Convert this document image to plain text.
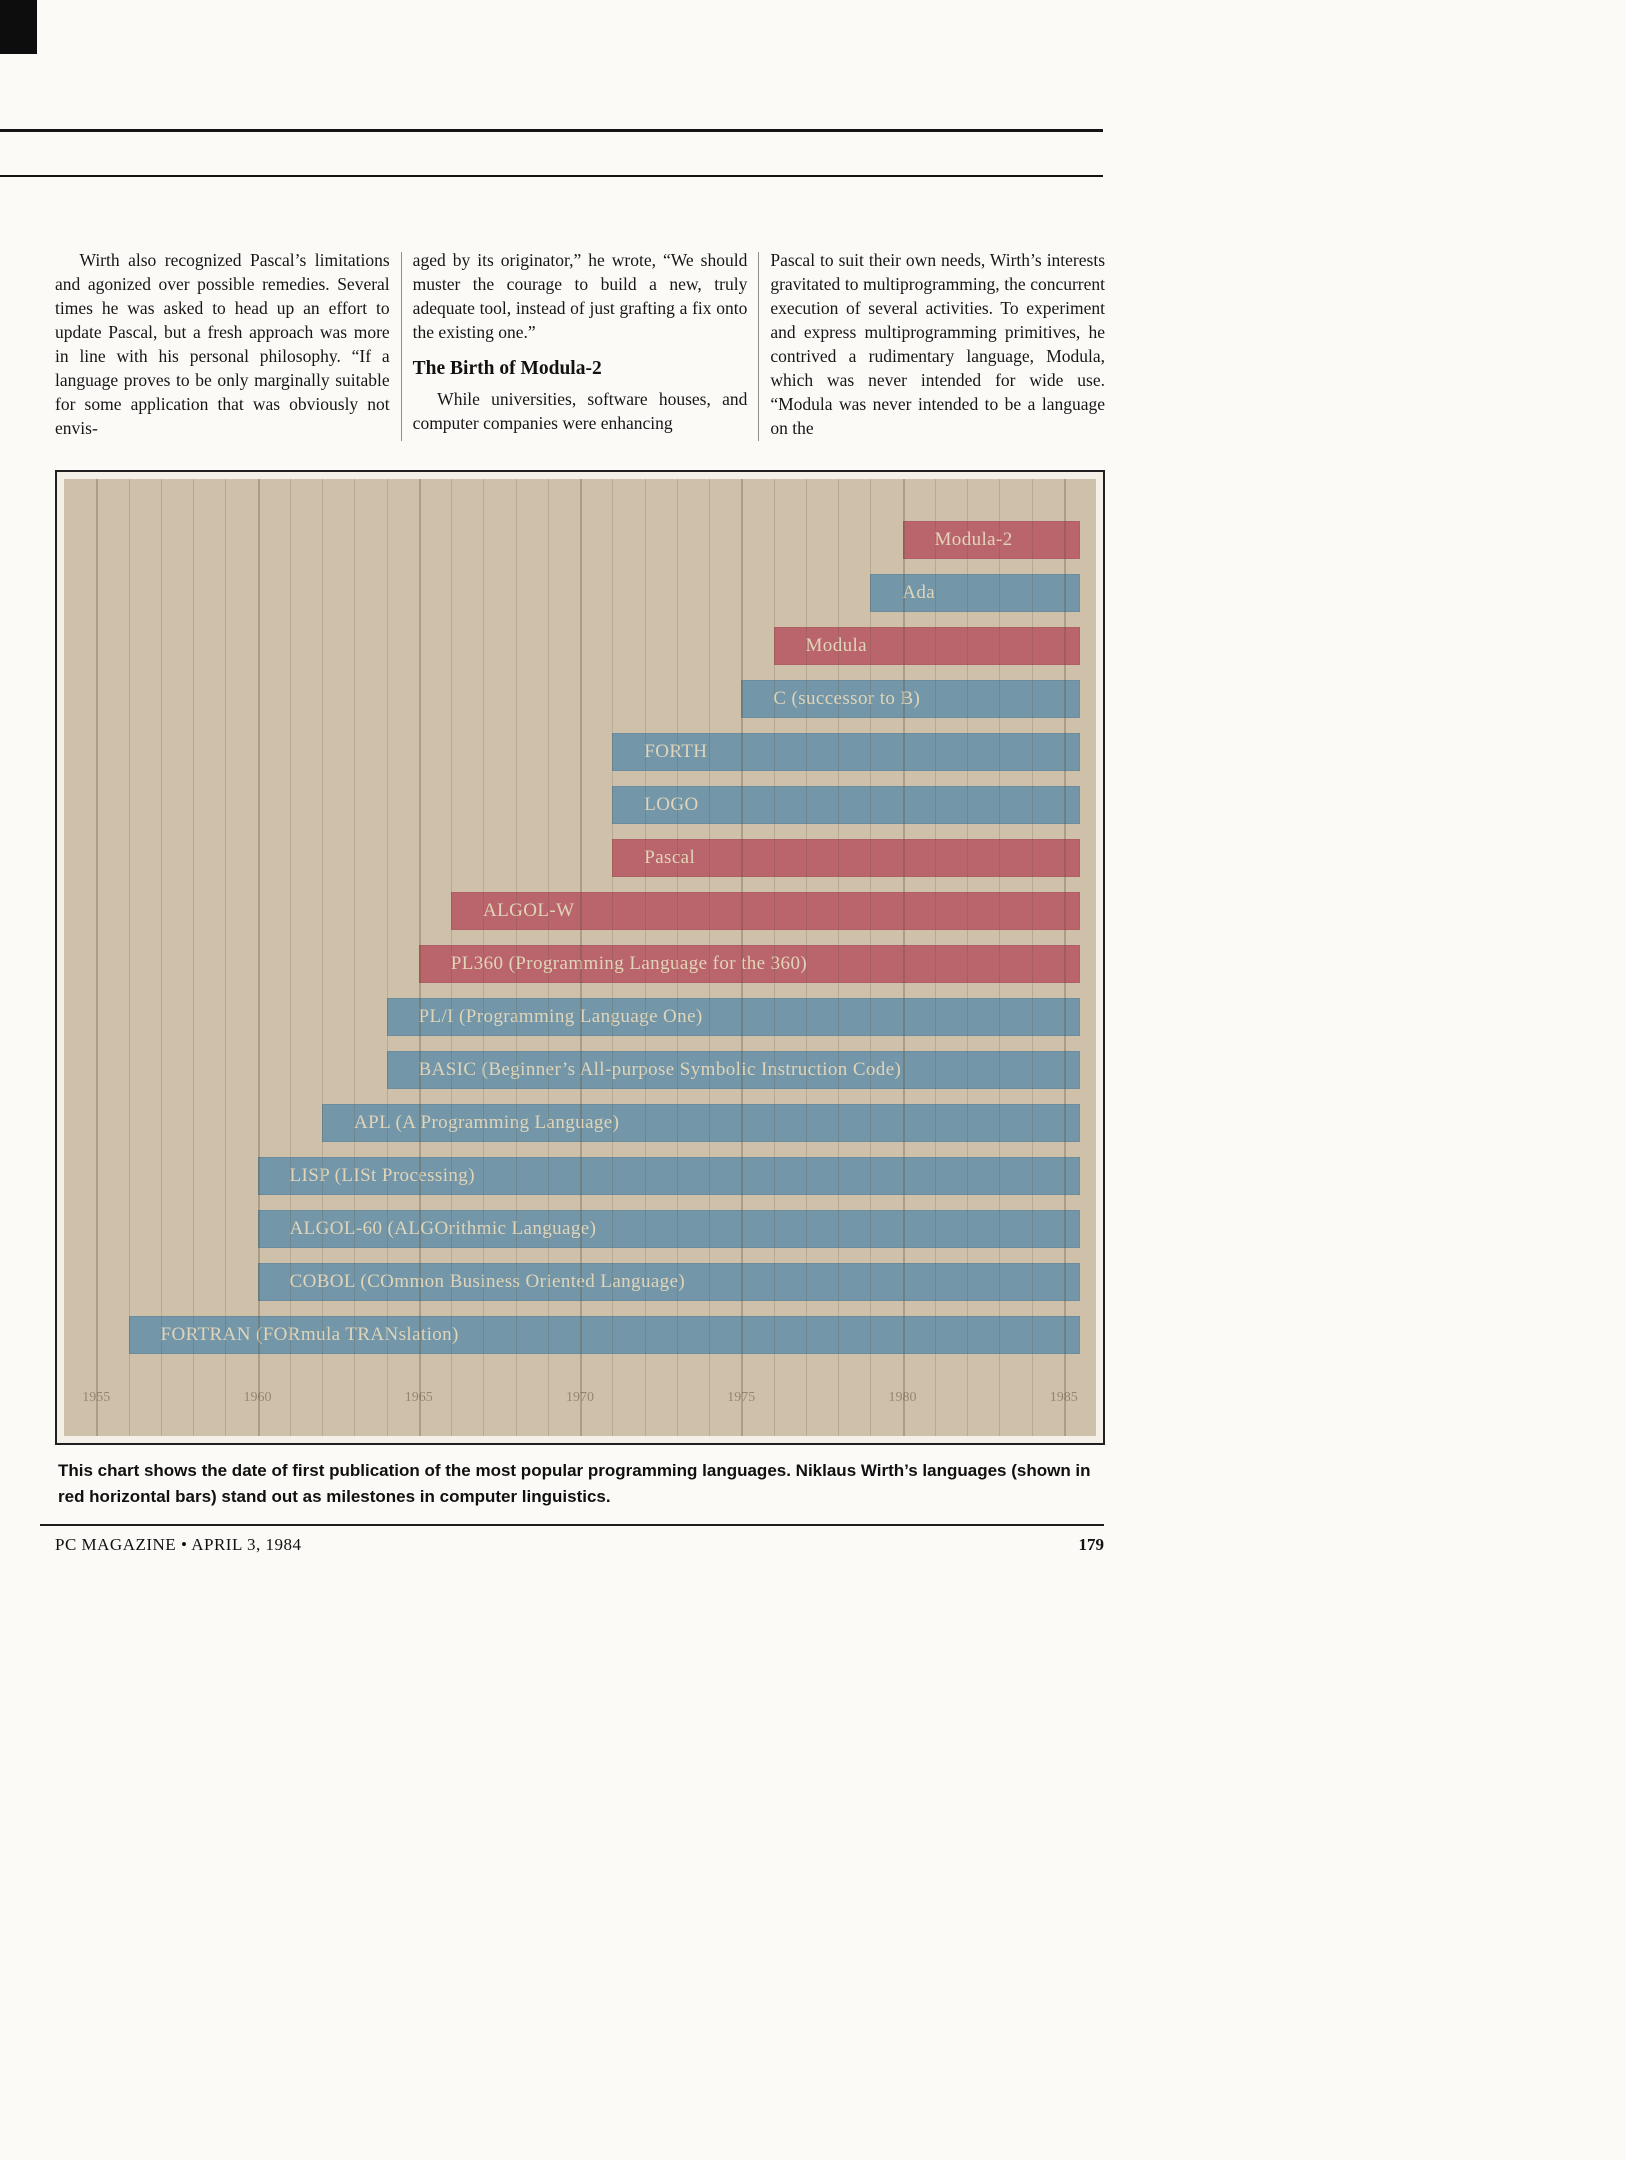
Wirth also recognized Pascal’s limitations and agonized over possible remedies. Several times he was asked to head up an effort to update Pascal, but a fresh approach was more in line with his personal philosophy. “If a language proves to be only marginally suitable for some application that was obviously not envis-

aged by its originator,” he wrote, “We should muster the courage to build a new, truly adequate tool, instead of just grafting a fix onto the existing one.”

The Birth of Modula-2

While universities, software houses, and computer companies were enhancing

Pascal to suit their own needs, Wirth’s interests gravitated to multiprogramming, the concurrent execution of several activities. To experiment and express multiprogramming primitives, he contrived a rudimentary language, Modula, which was never intended for wide use. “Modula was never intended to be a language on the

Modula-2
Ada
Modula
C (successor to B)
FORTH
LOGO
Pascal
ALGOL-W
PL360 (Programming Language for the 360)
PL/I (Programming Language One)
BASIC (Beginner’s All-purpose Symbolic Instruction Code)
APL (A Programming Language)
LISP (LISt Processing)
ALGOL-60 (ALGOrithmic Language)
COBOL (COmmon Business Oriented Language)
FORTRAN (FORmula TRANslation)
1955	1960	1965	1970	1975	1980	1985
This chart shows the date of first publication of the most popular programming languages. Niklaus Wirth’s languages (shown in red horizontal bars) stand out as milestones in computer linguistics.
PC MAGAZINE • APRIL 3, 1984	179
